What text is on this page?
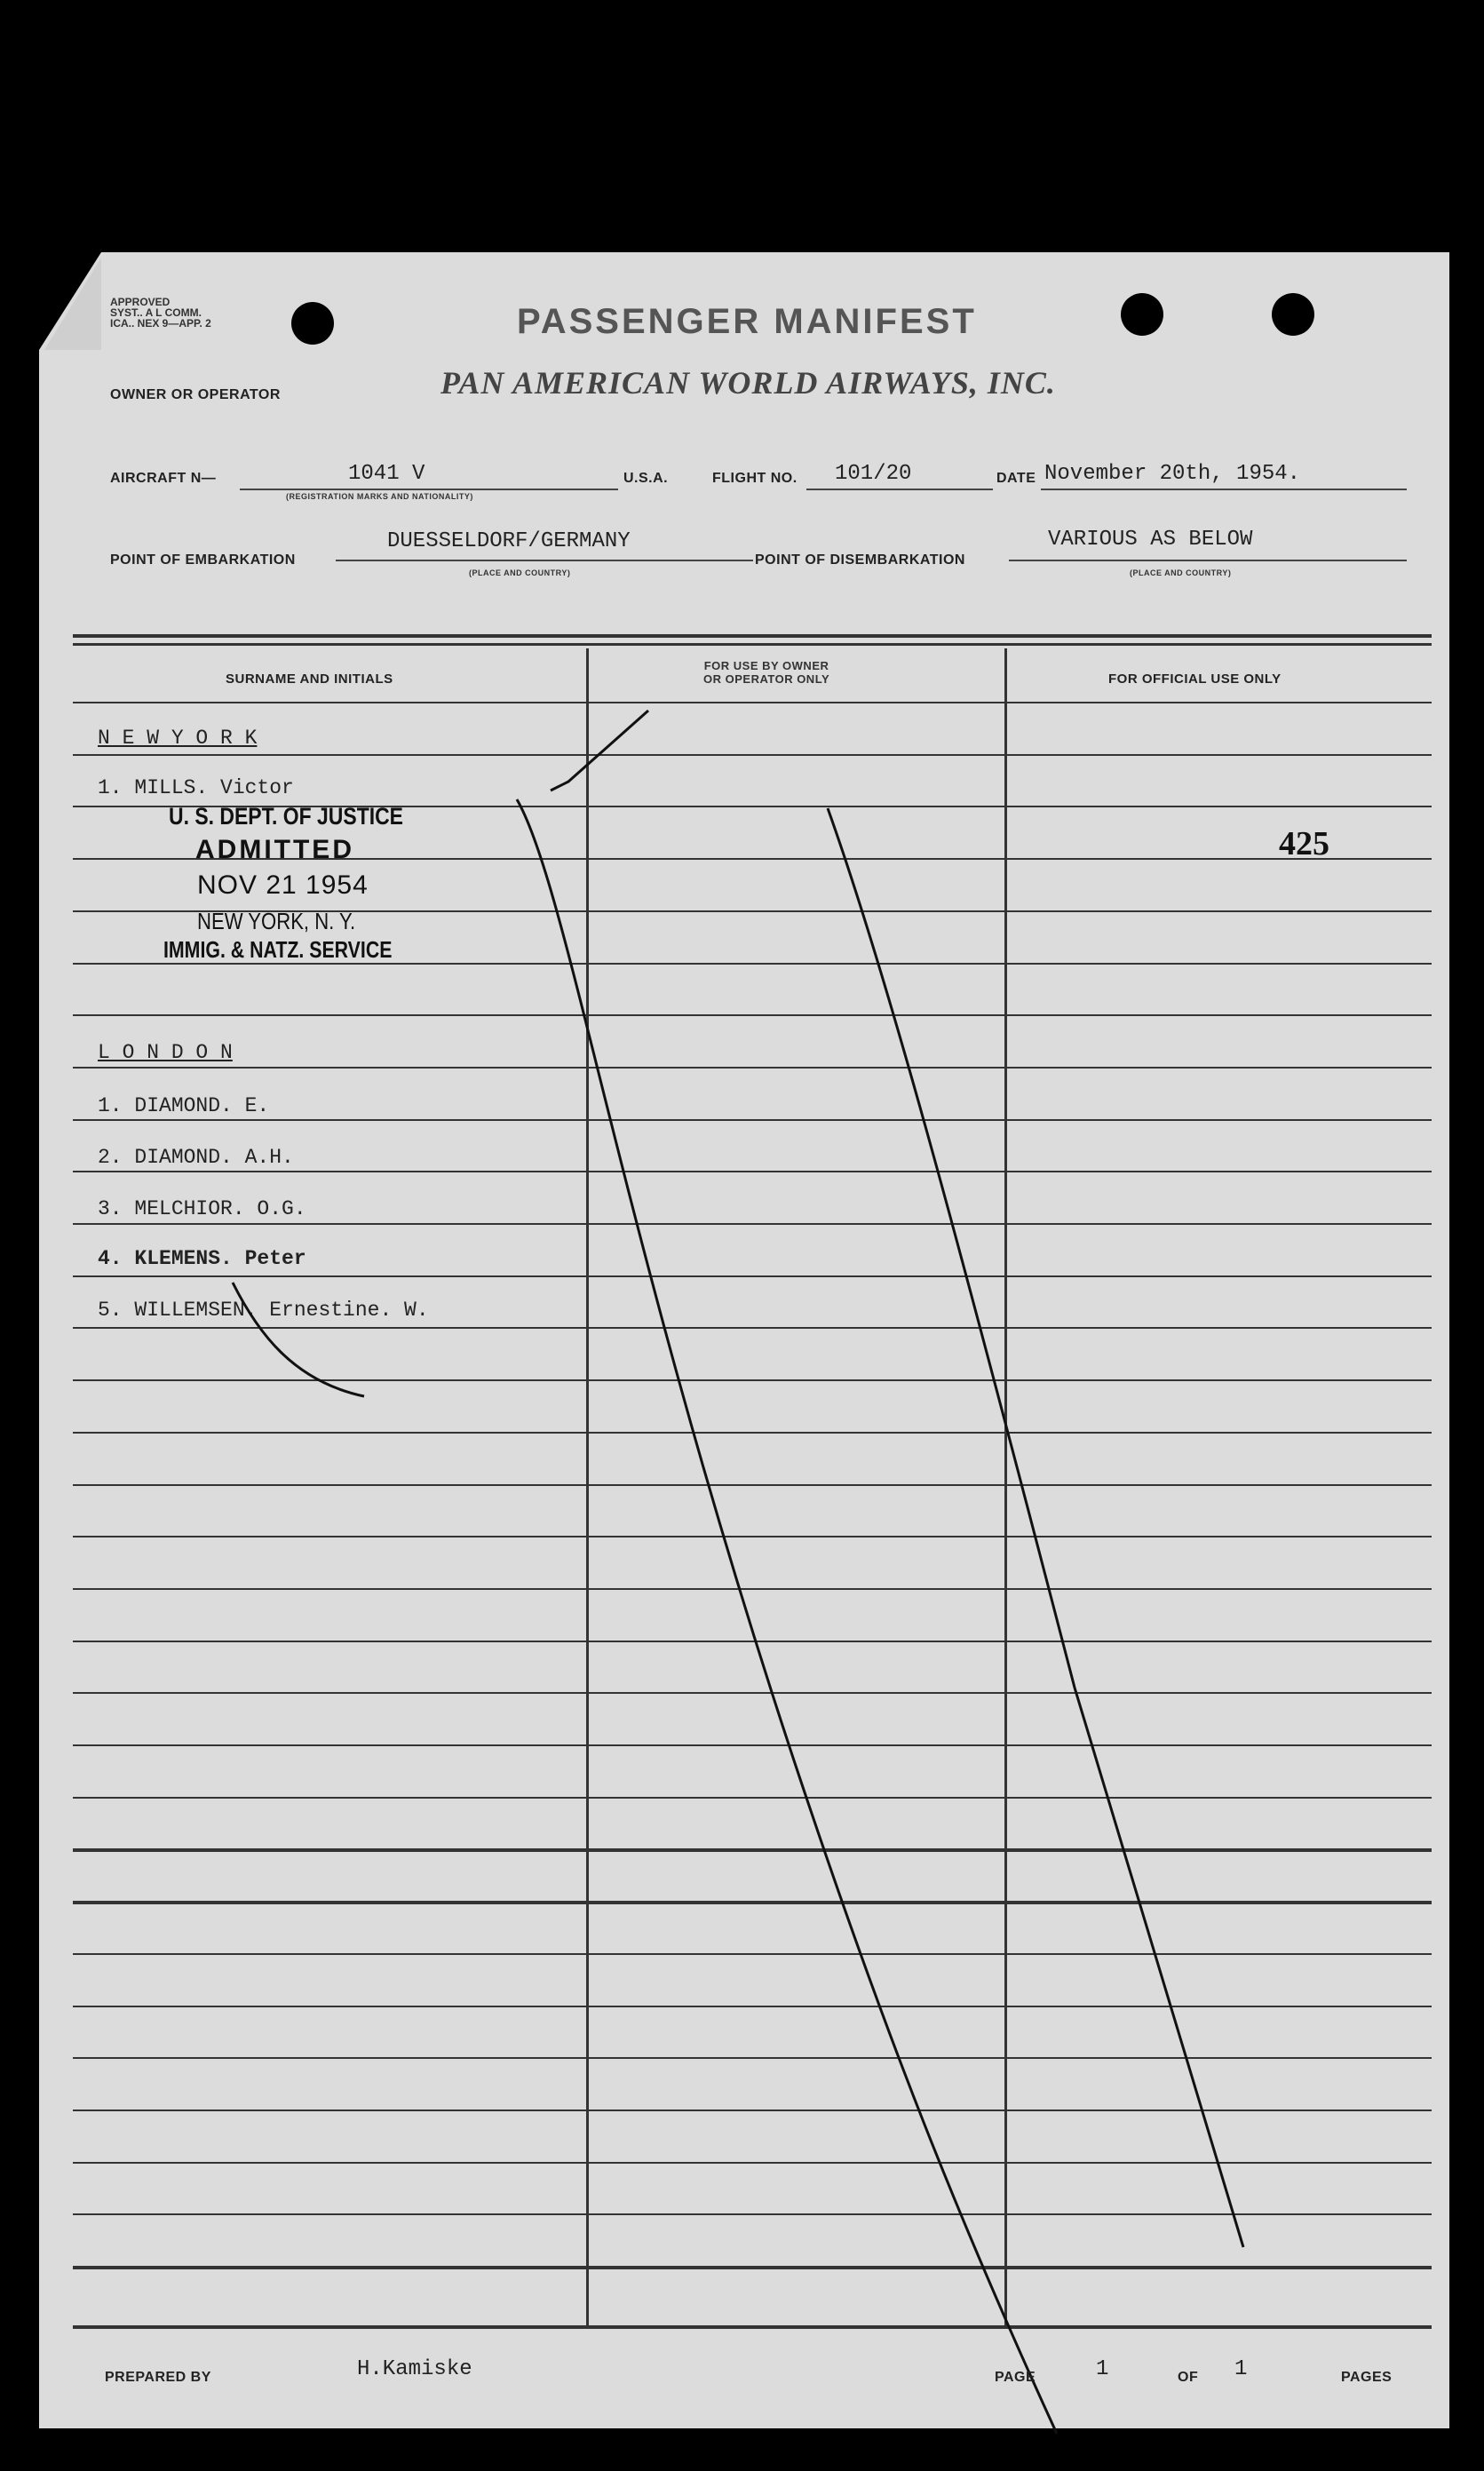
APPROVED
SYST.. A L COMM.
ICA.. NEX 9—APP. 2	PASSENGER MANIFEST
OWNER OR OPERATOR	PAN AMERICAN WORLD AIRWAYS, INC.
AIRCRAFT N—	1041 V
(REGISTRATION MARKS AND NATIONALITY)
U.S.A.	FLIGHT NO. 101/20	DATE November 20th, 1954.
POINT OF EMBARKATION
DUESSELDORF/GERMANY
(PLACE AND COUNTRY)
POINT OF DISEMBARKATION
VARIOUS AS BELOW
(PLACE AND COUNTRY)
SURNAME AND INITIALS
FOR USE BY OWNER
OR OPERATOR ONLY	FOR OFFICIAL USE ONLY
N E W Y O R K
1. MILLS. Victor
L O N D O N
1. DIAMOND. E.
2. DIAMOND. A.H.
3. MELCHIOR. O.G.
4. KLEMENS. Peter
5. WILLEMSEN. Ernestine. W.
U. S. DEPT. OF JUSTICE
ADMITTED
NOV 21 1954
NEW YORK, N. Y.
IMMIG. & NATZ. SERVICE
425
PREPARED BY	H.Kamiske	PAGE	1	OF 1	PAGES
